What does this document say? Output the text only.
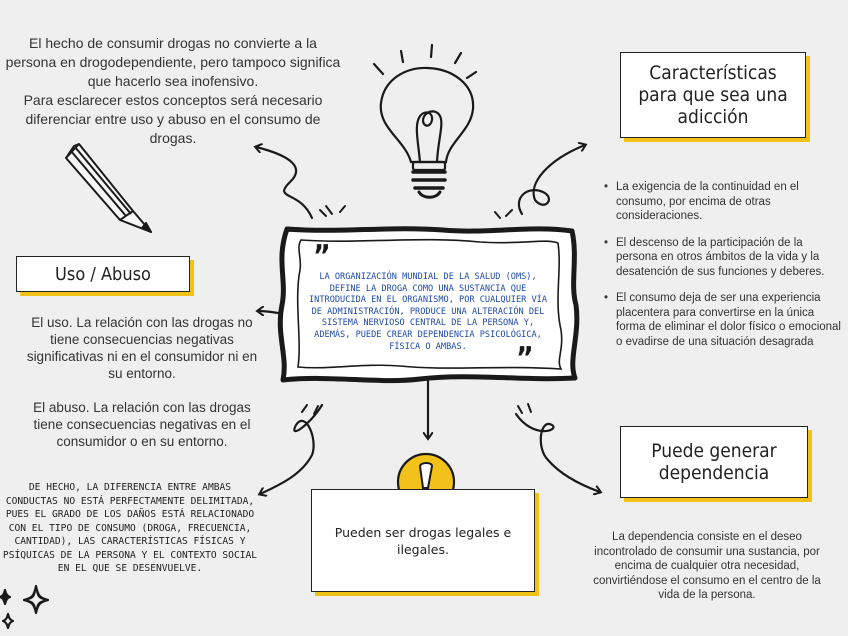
El hecho de consumir drogas no convierte a la persona en drogodependiente, pero tampoco significa que hacerlo sea inofensivo.
Para esclarecer estos conceptos será necesario diferenciar entre uso y abuso en el consumo de drogas.
”
”
LA ORGANIZACIÓN MUNDIAL DE LA SALUD (OMS), DEFINE LA DROGA COMO UNA SUSTANCIA QUE INTRODUCIDA EN EL ORGANISMO, POR CUALQUIER VÍA DE ADMINISTRACIÓN, PRODUCE UNA ALTERACIÓN DEL SISTEMA NERVIOSO CENTRAL DE LA PERSONA Y, ADEMÁS, PUEDE CREAR DEPENDENCIA PSICOLÓGICA, FÍSICA O AMBAS.
Uso / Abuso

El uso. La relación con las drogas no tiene consecuencias negativas significativas ni en el consumidor ni en su entorno.

El abuso. La relación con las drogas tiene consecuencias negativas en el consumidor o en su entorno.

Características para que sea una adicción
• La exigencia de la continuidad en el consumo, por encima de otras consideraciones.
• El descenso de la participación de la persona en otros ámbitos de la vida y la desatención de sus funciones y deberes.
• El consumo deja de ser una experiencia placentera para convertirse en la única forma de eliminar el dolor físico o emocional o evadirse de una situación desagrada
DE HECHO, LA DIFERENCIA ENTRE AMBAS CONDUCTAS NO ESTÁ PERFECTAMENTE DELIMITADA, PUES EL GRADO DE LOS DAÑOS ESTÁ RELACIONADO CON EL TIPO DE CONSUMO (DROGA, FRECUENCIA, CANTIDAD), LAS CARACTERÍSTICAS FÍSICAS Y PSÍQUICAS DE LA PERSONA Y EL CONTEXTO SOCIAL EN EL QUE SE DESENVUELVE.
Pueden ser drogas legales e ilegales.
Puede generar dependencia
La dependencia consiste en el deseo incontrolado de consumir una sustancia, por encima de cualquier otra necesidad, convirtiéndose el consumo en el centro de la vida de la persona.
